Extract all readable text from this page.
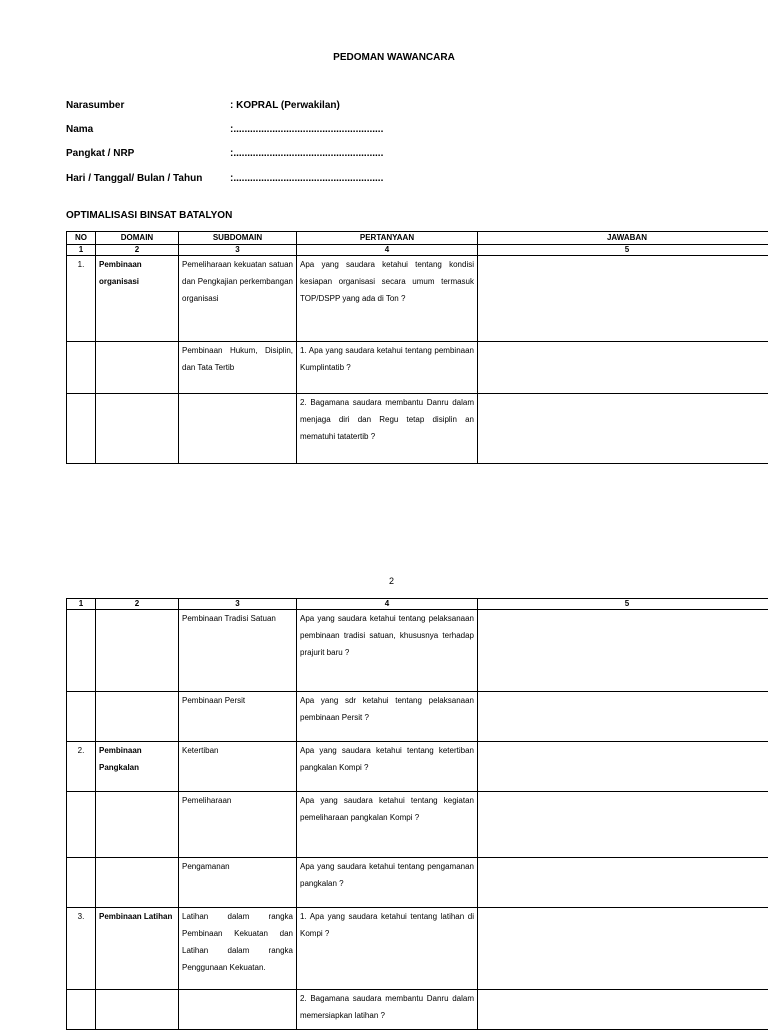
PEDOMAN WAWANCARA
Narasumber	: KOPRAL (Perwakilan)
Nama	:......................................................
Pangkat / NRP	:......................................................
Hari / Tanggal/ Bulan / Tahun	:......................................................
OPTIMALISASI BINSAT BATALYON
NO	DOMAIN	SUBDOMAIN	PERTANYAAN	JAWABAN
1	2	3	4	5
1.	Pembinaan organisasi	Pemeliharaan kekuatan satuan dan Pengkajian perkembangan organisasi	Apa yang saudara ketahui tentang kondisi kesiapan organisasi secara umum termasuk TOP/DSPP yang ada di Ton ?	
		Pembinaan Hukum, Disiplin, dan Tata Tertib	1. Apa yang saudara ketahui tentang pembinaan Kumplintatib ?	
			2. Bagamana saudara membantu Danru dalam menjaga diri dan Regu tetap disiplin an mematuhi tatatertib ?	
2
1	2	3	4	5
		Pembinaan Tradisi Satuan	Apa yang saudara ketahui tentang pelaksanaan pembinaan tradisi satuan, khususnya terhadap prajurit baru ?	
		Pembinaan Persit	Apa yang sdr ketahui tentang pelaksanaan pembinaan Persit ?	
2.	Pembinaan Pangkalan	Ketertiban	Apa yang saudara ketahui tentang ketertiban pangkalan Kompi ?	
		Pemeliharaan	Apa yang saudara ketahui tentang kegiatan pemeliharaan pangkalan Kompi ?	
		Pengamanan	Apa yang saudara ketahui tentang pengamanan pangkalan ?	
3.	Pembinaan Latihan	Latihan dalam rangka Pembinaan Kekuatan dan Latihan dalam rangka Penggunaan Kekuatan.	1. Apa yang saudara ketahui tentang latihan di Kompi ?	
			2. Bagamana saudara membantu Danru dalam memersiapkan latihan ?	
